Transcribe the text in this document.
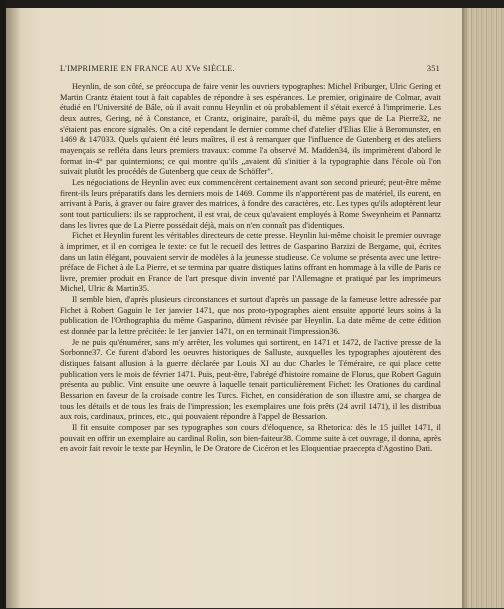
L'IMPRIMERIE EN FRANCE AU XVe SIÈCLE.	351

Heynlin, de son côté, se préoccupa de faire venir les ouvriers typographes: Michel Friburger, Ulric Gering et Martin Crantz étaient tout à fait capables de répondre à ses espérances. Le premier, originaire de Colmar, avait étudié en l'Université de Bâle, où il avait connu Heynlin et où probablement il s'était exercé à l'imprimerie. Les deux autres, Gering, né à Constance, et Crantz, originaire, paraît-il, du même pays que de La Pierre32, ne s'étaient pas encore signalés. On a cité cependant le dernier comme chef d'atelier d'Elias Elie à Beromunster, en 1469 & 147033. Quels qu'aient été leurs maîtres, il est à remarquer que l'influence de Gutenberg et des ateliers mayençais se refléta dans leurs premiers travaux: comme l'a observé M. Madden34, ils imprimèrent d'abord le format in-4° par quinternions; ce qui montre qu'ils „avaient dû s'initier à la typographie dans l'école où l'on suivait plutôt les procédés de Gutenberg que ceux de Schöffer".

Les négociations de Heynlin avec eux commencèrent certainement avant son second prieuré; peut-être même firent-ils leurs préparatifs dans les derniers mois de 1469. Comme ils n'apportèrent pas de matériel, ils eurent, en arrivant à Paris, à graver ou faire graver des matrices, à fondre des caractères, etc. Les types qu'ils adoptèrent leur sont tout particuliers: ils se rapprochent, il est vrai, de ceux qu'avaient employés à Rome Sweynheim et Pannartz dans les livres que de La Pierre possédait déjà, mais on n'en connaît pas d'identiques.

Fichet et Heynlin furent les véritables directeurs de cette presse. Heynlin lui-même choisit le premier ouvrage à imprimer, et il en corrigea le texte: ce fut le recueil des lettres de Gasparino Barzizi de Bergame, qui, écrites dans un latin élégant, pouvaient servir de modèles à la jeunesse studieuse. Ce volume se présenta avec une lettre-préface de Fichet à de La Pierre, et se termina par quatre distiques latins offrant en hommage à la ville de Paris ce livre, premier produit en France de l'art presque divin inventé par l'Allemagne et pratiqué par les imprimeurs Michel, Ulric & Martin35.

Il semble bien, d'après plusieurs circonstances et surtout d'après un passage de la fameuse lettre adressée par Fichet à Robert Gaguin le 1er janvier 1471, que nos proto-typographes aient ensuite apporté leurs soins à la publication de l'Orthographia du même Gasparino, dûment révisée par Heynlin. La date même de cette édition est donnée par la lettre précitée: le 1er janvier 1471, on en terminait l'impression36.

Je ne puis qu'énumérer, sans m'y arrêter, les volumes qui sortirent, en 1471 et 1472, de l'active presse de la Sorbonne37. Ce furent d'abord les oeuvres historiques de Salluste, auxquelles les typographes ajoutèrent des distiques faisant allusion à la guerre déclarée par Louis XI au duc Charles le Téméraire, ce qui place cette publication vers le mois de février 1471. Puis, peut-être, l'abrégé d'histoire romaine de Florus, que Robert Gaguin présenta au public. Vint ensuite une oeuvre à laquelle tenait particulièrement Fichet: les Orationes du cardinal Bessarion en faveur de la croisade contre les Turcs. Fichet, en considération de son illustre ami, se chargea de tous les détails et de tous les frais de l'impression; les exemplaires une fois prêts (24 avril 1471), il les distribua aux rois, cardinaux, princes, etc., qui pouvaient répondre à l'appel de Bessarion.

Il fit ensuite composer par ses typographes son cours d'éloquence, sa Rhetorica: dès le 15 juillet 1471, il pouvait en offrir un exemplaire au cardinal Rolin, son bien-faiteur38. Comme suite à cet ouvrage, il donna, après en avoir fait revoir le texte par Heynlin, le De Oratore de Cicéron et les Eloquentiae praecepta d'Agostino Dati.
